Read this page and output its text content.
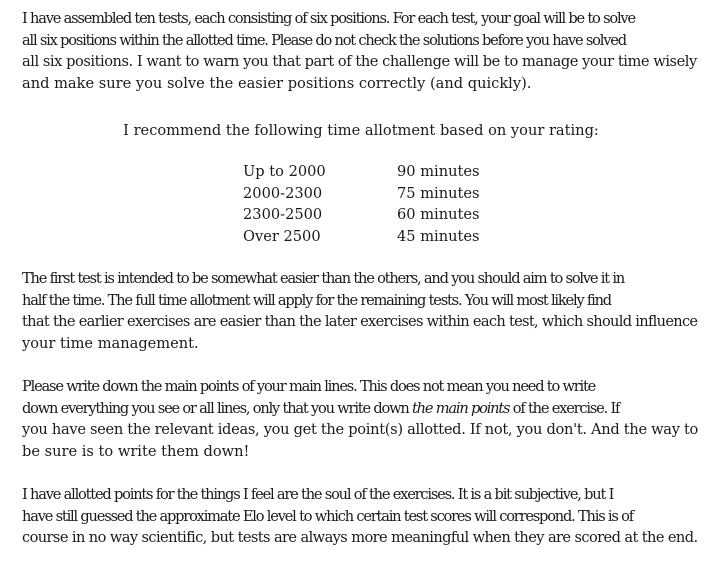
I have assembled ten tests, each consisting of six positions. For each test, your goal will be to solve
all six positions within the allotted time. Please do not check the solutions before you have solved
all six positions. I want to warn you that part of the challenge will be to manage your time wisely
and make sure you solve the easier positions correctly (and quickly).
I recommend the following time allotment based on your rating:
Up to 2000	90 minutes
2000-2300	75 minutes
2300-2500	60 minutes
Over 2500	45 minutes
The first test is intended to be somewhat easier than the others, and you should aim to solve it in
half the time. The full time allotment will apply for the remaining tests. You will most likely find
that the earlier exercises are easier than the later exercises within each test, which should influence
your time management.
Please write down the main points of your main lines. This does not mean you need to write
down everything you see or all lines, only that you write down the main points of the exercise. If
you have seen the relevant ideas, you get the point(s) allotted. If not, you don't. And the way to
be sure is to write them down!
I have allotted points for the things I feel are the soul of the exercises. It is a bit subjective, but I
have still guessed the approximate Elo level to which certain test scores will correspond. This is of
course in no way scientific, but tests are always more meaningful when they are scored at the end.
